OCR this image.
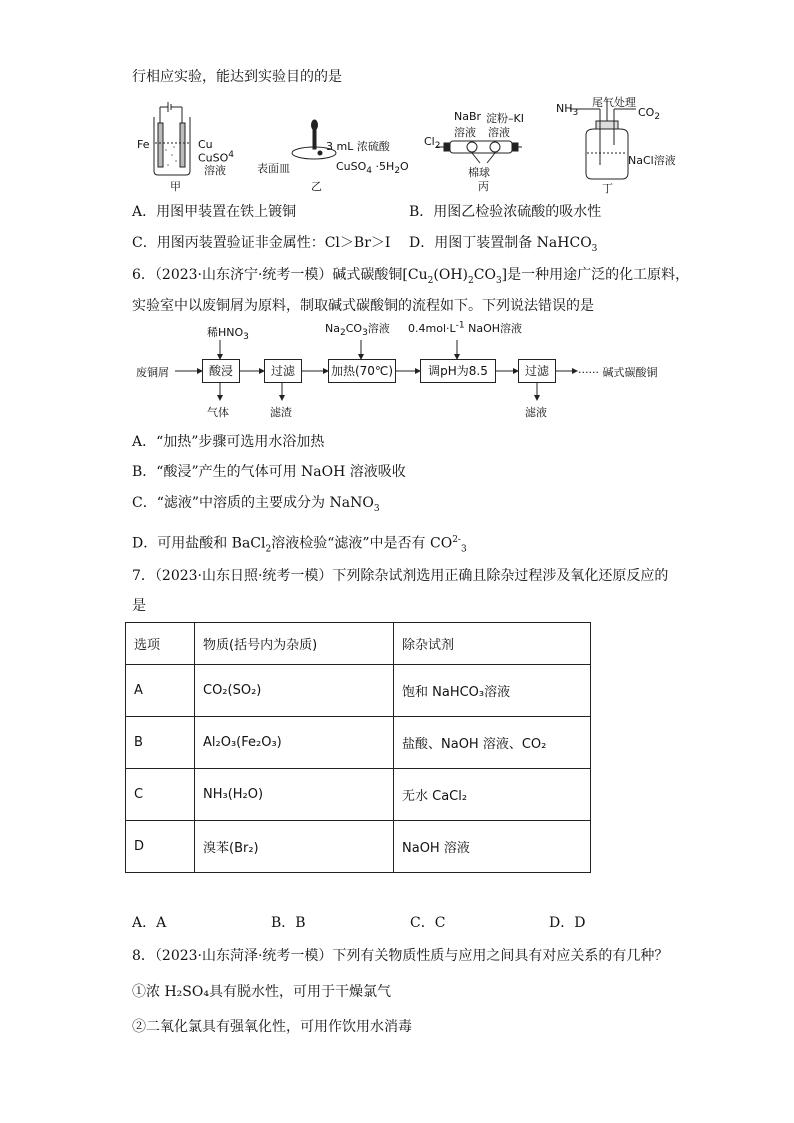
行相应实验，能达到实验目的的是
Fe	Cu
CuSO$^4$
溶液
甲
3 mL 浓硫酸
表面皿	CuSO$_4$ $\cdot 5H_2O$
乙
NaBr
溶液
淀粉–KI
溶液
$Cl_2$
棉球
丙
尾气处理
$NH_3$	$CO_2$
NaCl溶液
丁
A．用图甲装置在铁上镀铜	B．用图乙检验浓硫酸的吸水性
C．用图丙装置验证非金属性：Cl＞Br＞I D．用图丁装置制备 NaHCO$_3$
6．（2023·山东济宁·统考一模）碱式碳酸铜$[Cu_2(OH)_2CO_3]$是一种用途广泛的化工原料，
实验室中以废铜屑为原料，制取碱式碳酸铜的流程如下。下列说法错误的是
废铜屑	酸浸	过滤	加热(70℃)	调pH为8.5	过滤	······ 碱式碳酸铜
稀$HNO_3$
$Na_2CO_3$溶液 $0.4mol\cdot L^{-1}$ NaOH溶液
气体	滤渣	滤液
A．“加热”步骤可选用水浴加热
B．“酸浸”产生的气体可用 NaOH 溶液吸收
C．“滤液”中溶质的主要成分为 NaNO$_3$
D．可用盐酸和 BaCl$_2$溶液检验“滤液”中是否有 $CO^{2-}_3$
7．（2023·山东日照·统考一模）下列除杂试剂选用正确且除杂过程涉及氧化还原反应的
是
选项	物质(括号内为杂质)	除杂试剂
A	CO₂(SO₂)	饱和 NaHCO₃溶液
B	Al₂O₃(Fe₂O₃)	盐酸、NaOH 溶液、CO₂
C	NH₃(H₂O)	无水 CaCl₂
D	溴苯(Br₂)	NaOH 溶液
A．A	B．B	C．C	D．D
8．（2023·山东菏泽·统考一模）下列有关物质性质与应用之间具有对应关系的有几种？
①浓 H₂SO₄具有脱水性，可用于干燥氯气
②二氧化氯具有强氧化性，可用作饮用水消毒
